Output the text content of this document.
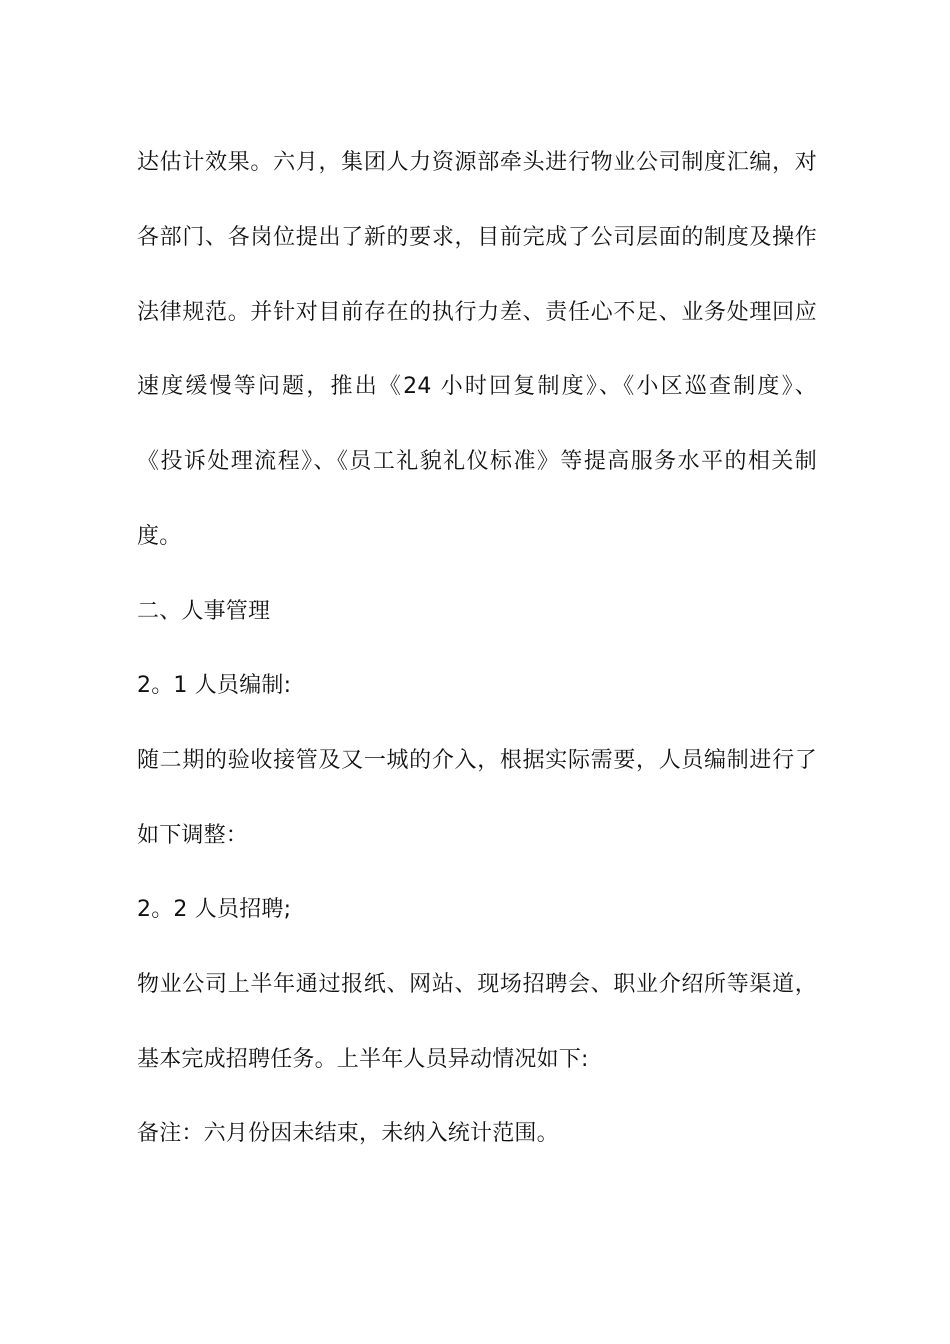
达估计效果。六月，集团人力资源部牵头进行物业公司制度汇编，对
各部门、各岗位提出了新的要求，目前完成了公司层面的制度及操作
法律规范。并针对目前存在的执行力差、责任心不足、业务处理回应
速度缓慢等问题，推出《24 小时回复制度》、《小区巡查制度》、
《投诉处理流程》、《员工礼貌礼仪标准》等提高服务水平的相关制
度。
二、人事管理
2。1 人员编制:
随二期的验收接管及又一城的介入，根据实际需要，人员编制进行了
如下调整：
2。2 人员招聘;
物业公司上半年通过报纸、网站、现场招聘会、职业介绍所等渠道，
基本完成招聘任务。上半年人员异动情况如下:
备注：六月份因未结束，未纳入统计范围。
